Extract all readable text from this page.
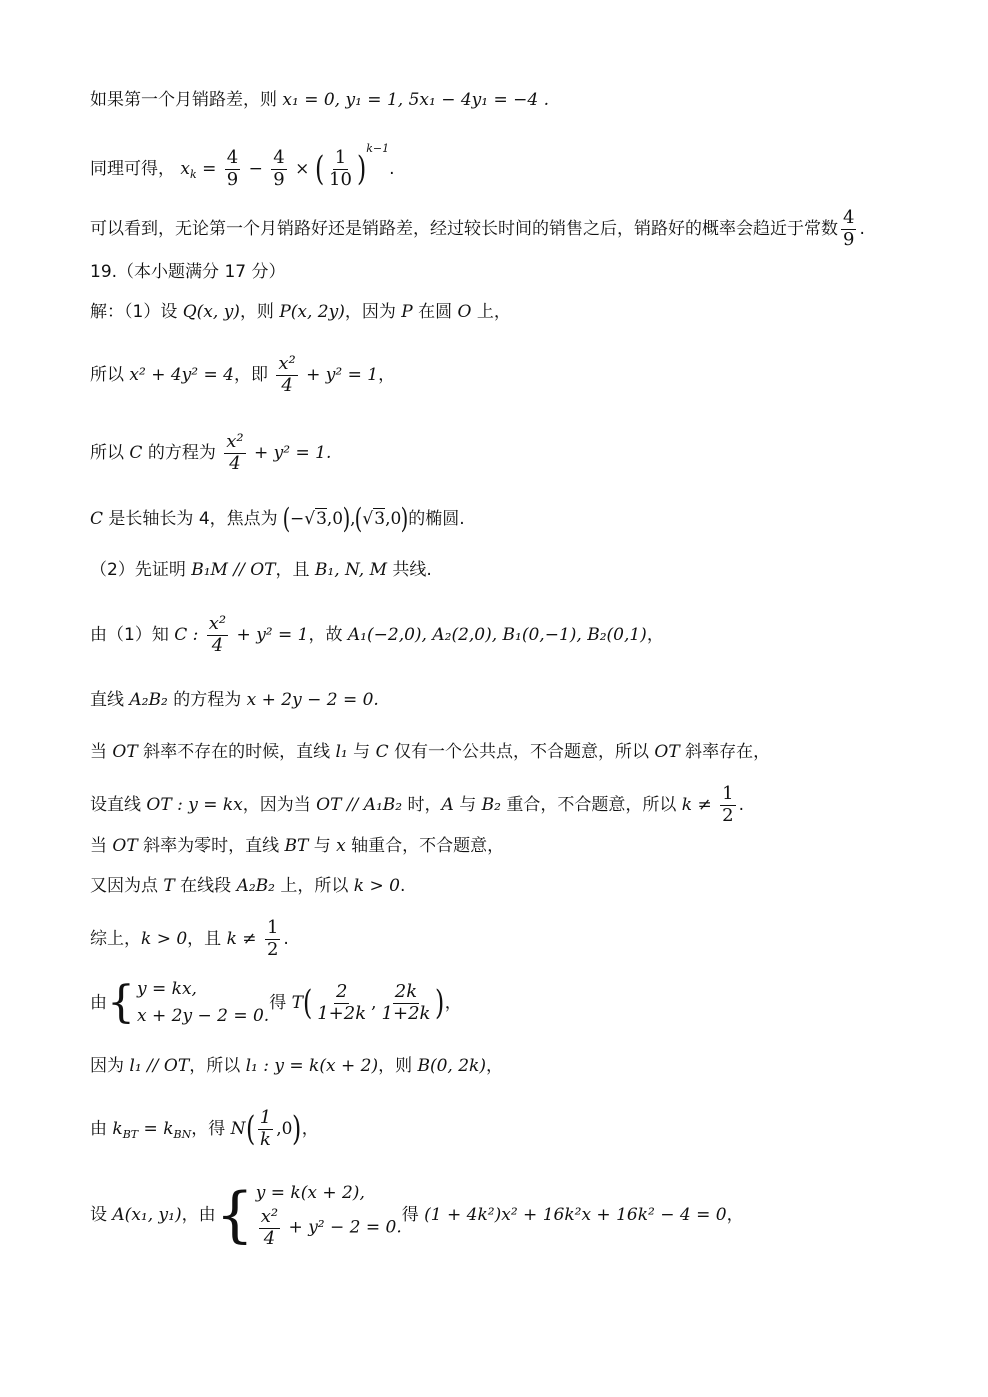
如果第一个月销路差，则 x₁ = 0, y₁ = 1, 5x₁ − 4y₁ = −4 .
同理可得， $x_k = \frac{4}{9} - \frac{4}{9}$ × ( $\frac{1}{10} )^{k-1}$.
可以看到，无论第一个月销路好还是销路差，经过较长时间的销售之后，销路好的概率会趋近于常数 $\frac{4}{9}$ .
19.（本小题满分 17 分）
解：（1）设 Q(x, y)，则 P(x, 2y)，因为 P 在圆 O 上，
所以 x² + 4y² = 4，即 $\frac{\text{x²}}{4} + y^2 = 1$，
所以 C 的方程为 $\frac{\text{x²}}{4} + y^2 = 1$.
C 是长轴长为 4，焦点为 (−√3,0),(√3,0)的椭圆.
（2）先证明 B₁M // OT，且 B₁, N, M 共线.
由（1）知 C : $\frac{\text{x²}}{4} + y^2 = 1$，故 A₁(−2,0), A₂(2,0), B₁(0,−1), B₂(0,1)，
直线 A₂B₂ 的方程为 x + 2y − 2 = 0.
当 OT 斜率不存在的时候，直线 l₁ 与 C 仅有一个公共点，不合题意，所以 OT 斜率存在，
设直线 OT : y = kx，因为当 OT // A₁B₂ 时，A 与 B₂ 重合，不合题意，所以 $k \ne \frac{1}{2}$ .
当 OT 斜率为零时，直线 BT 与 x 轴重合，不合题意，
又因为点 T 在线段 A₂B₂ 上，所以 k > 0.
综上，k > 0，且 $k \ne \frac{1}{2}$ .
由{ y = kx,
x + 2y − 2 = 0.
得 $T( \frac{2}{1+2k}$ , $\frac{2k}{1+2k}$ )，
因为 l₁ // OT，所以 l₁ : y = k(x + 2)，则 B(0, 2k)，
由 $k_{BT} = k_{BN}$，得 $N( \frac{1}{k} ,0)$，
设 A(x₁, y₁)，由{ y = k(x + 2),
$\frac{\text{x²}}{4} + y^2 - 2 = 0$.
得 (1 + 4k²)x² + 16k²x + 16k² − 4 = 0，
